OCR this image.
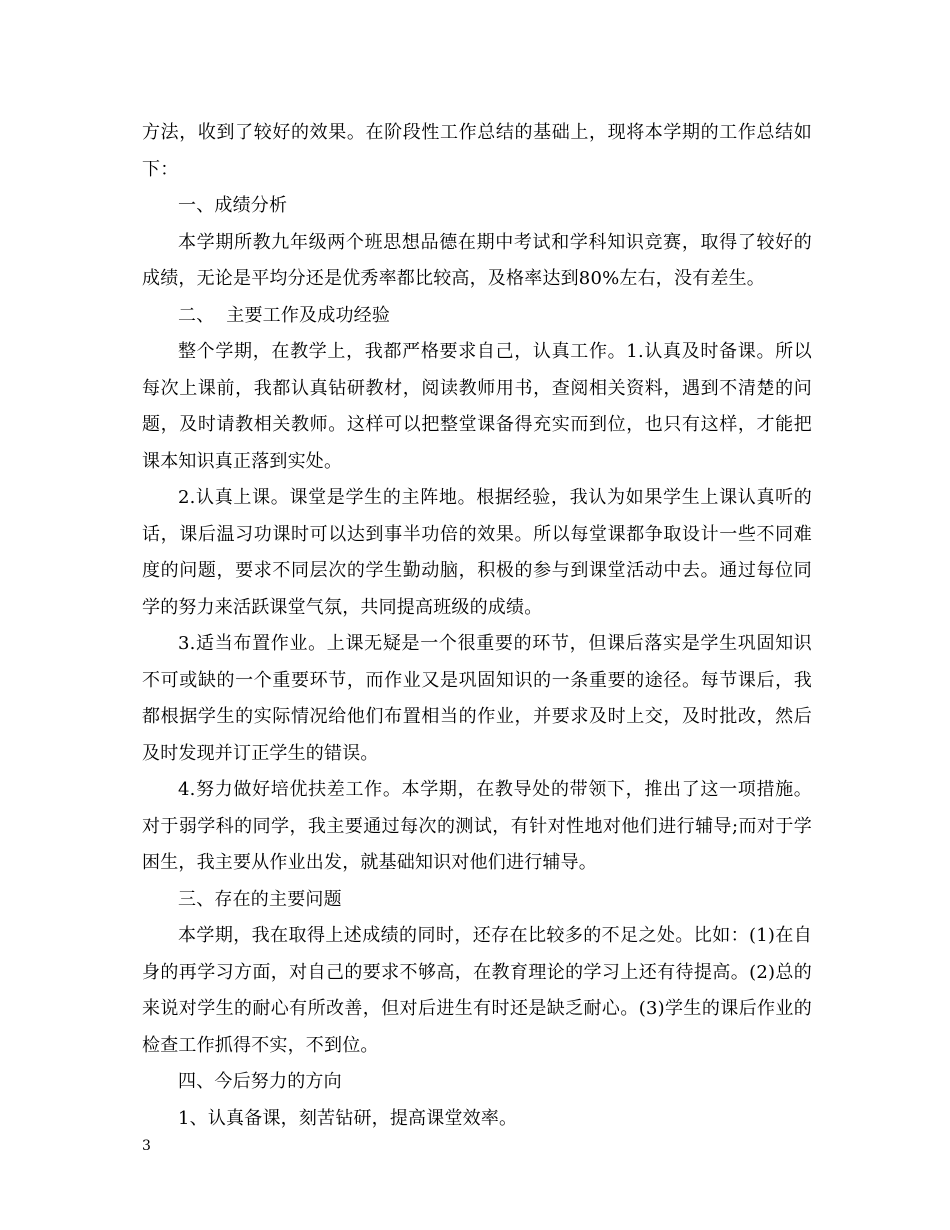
方法，收到了较好的效果。在阶段性工作总结的基础上，现将本学期的工作总结如下：

一、成绩分析

本学期所教九年级两个班思想品德在期中考试和学科知识竞赛，取得了较好的成绩，无论是平均分还是优秀率都比较高，及格率达到80%左右，没有差生。

二、  主要工作及成功经验

整个学期，在教学上，我都严格要求自己，认真工作。1.认真及时备课。所以每次上课前，我都认真钻研教材，阅读教师用书，查阅相关资料，遇到不清楚的问题，及时请教相关教师。这样可以把整堂课备得充实而到位，也只有这样，才能把课本知识真正落到实处。

2.认真上课。课堂是学生的主阵地。根据经验，我认为如果学生上课认真听的话，课后温习功课时可以达到事半功倍的效果。所以每堂课都争取设计一些不同难度的问题，要求不同层次的学生勤动脑，积极的参与到课堂活动中去。通过每位同学的努力来活跃课堂气氛，共同提高班级的成绩。

3.适当布置作业。上课无疑是一个很重要的环节，但课后落实是学生巩固知识不可或缺的一个重要环节，而作业又是巩固知识的一条重要的途径。每节课后，我都根据学生的实际情况给他们布置相当的作业，并要求及时上交，及时批改，然后及时发现并订正学生的错误。

4.努力做好培优扶差工作。本学期，在教导处的带领下，推出了这一项措施。对于弱学科的同学，我主要通过每次的测试，有针对性地对他们进行辅导;而对于学困生，我主要从作业出发，就基础知识对他们进行辅导。

三、存在的主要问题

本学期，我在取得上述成绩的同时，还存在比较多的不足之处。比如：(1)在自身的再学习方面，对自己的要求不够高，在教育理论的学习上还有待提高。(2)总的来说对学生的耐心有所改善，但对后进生有时还是缺乏耐心。(3)学生的课后作业的检查工作抓得不实，不到位。

四、今后努力的方向

1、认真备课，刻苦钻研，提高课堂效率。

3
